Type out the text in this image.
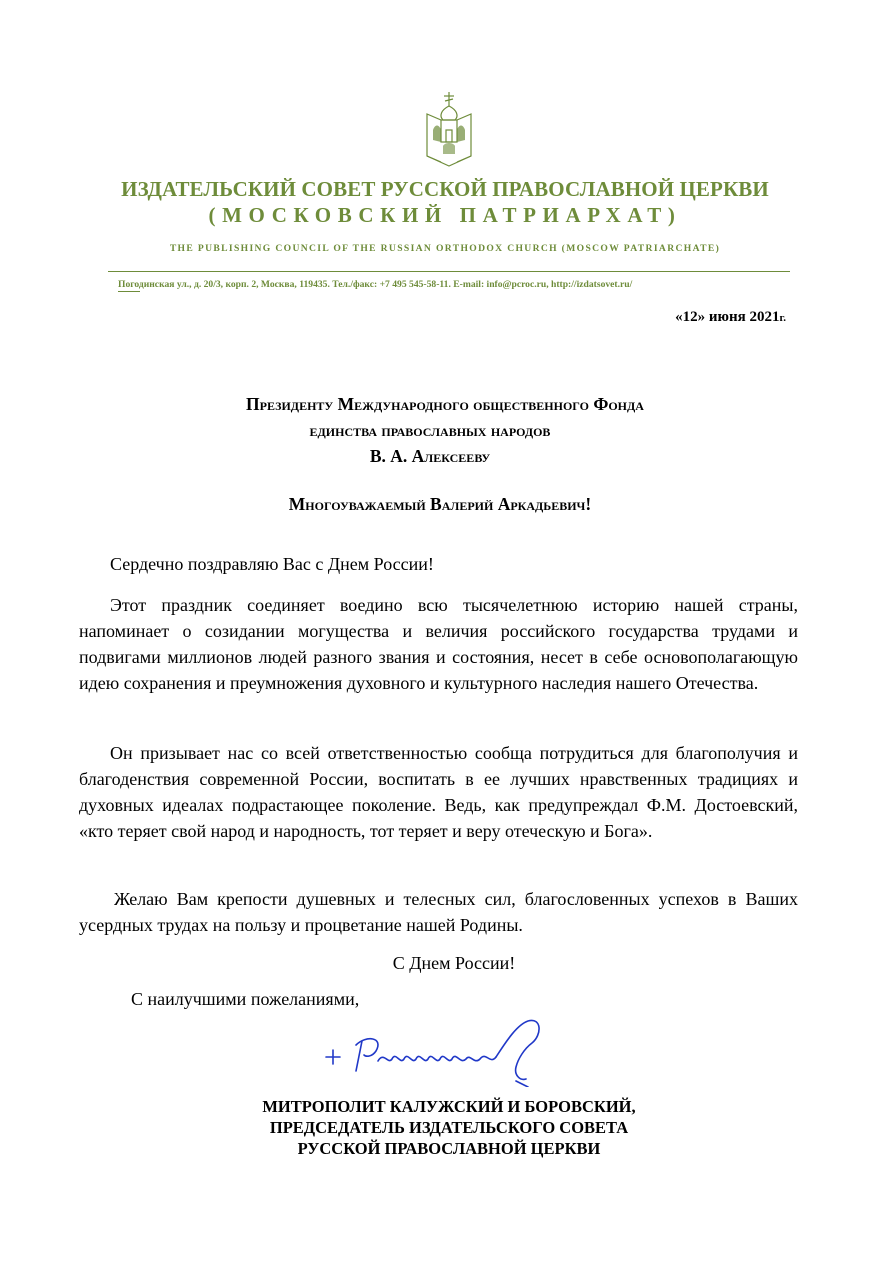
ИЗДАТЕЛЬСКИЙ СОВЕТ РУССКОЙ ПРАВОСЛАВНОЙ ЦЕРКВИ
(МОСКОВСКИЙ ПАТРИАРХАТ)
THE PUBLISHING COUNCIL OF THE RUSSIAN ORTHODOX CHURCH (MOSCOW PATRIARCHATE)
Погодинская ул., д. 20/3, корп. 2, Москва, 119435. Тел./факс: +7 495 545-58-11. E-mail: info@pcroc.ru, http://izdatsovet.ru/
«12» июня 2021г.
Президенту Международного общественного Фонда
единства православных народов
В. А. Алексееву
Многоуважаемый Валерий Аркадьевич!
Сердечно поздравляю Вас с Днем России!
Этот праздник соединяет воедино всю тысячелетнюю историю нашей страны, напоминает о созидании могущества и величия российского государства трудами и подвигами миллионов людей разного звания и состояния, несет в себе основополагающую идею сохранения и преумножения духовного и культурного наследия нашего Отечества.
Он призывает нас со всей ответственностью сообща потрудиться для благополучия и благоденствия современной России, воспитать в ее лучших нравственных традициях и духовных идеалах подрастающее поколение. Ведь, как предупреждал Ф.М. Достоевский, «кто теряет свой народ и народность, тот теряет и веру отеческую и Бога».
Желаю Вам крепости душевных и телесных сил, благословенных успехов в Ваших усердных трудах на пользу и процветание нашей Родины.
С Днем России!
С наилучшими пожеланиями,
МИТРОПОЛИТ КАЛУЖСКИЙ И БОРОВСКИЙ,
ПРЕДСЕДАТЕЛЬ ИЗДАТЕЛЬСКОГО СОВЕТА
РУССКОЙ ПРАВОСЛАВНОЙ ЦЕРКВИ
